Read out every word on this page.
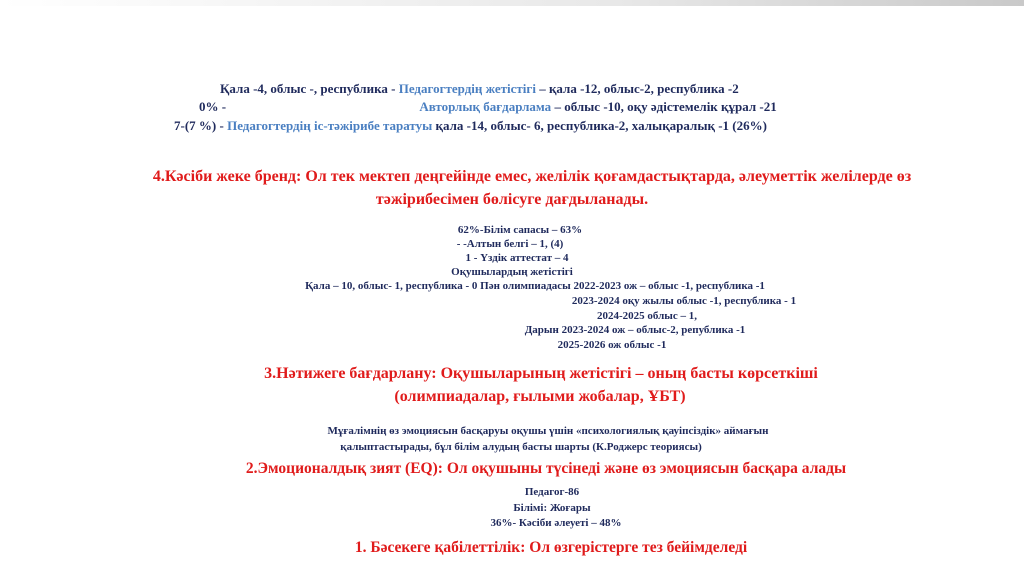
Қала -4, облыс -, республика - Педагогтердің жетістігі – қала -12, облыс-2, республика -2
0% -	Авторлық бағдарлама – облыс -10, оқу әдістемелік құрал -21
7-(7 %) - Педагогтердің іс-тәжірибе таратуы қала -14, облыс- 6, республика-2, халықаралық -1 (26%)
4.Кәсіби жеке бренд: Ол тек мектеп деңгейінде емес, желілік қоғамдастықтарда, әлеуметтік желілерде өз
тәжірибесімен бөлісуге дағдыланады.
62%-Білім сапасы – 63%
- -Алтын белгі – 1, (4)
1 - Үздік аттестат – 4
Оқушылардың жетістігі
Қала – 10, облыс- 1, республика - 0 Пән олимпиадасы 2022-2023 ож – облыс -1, республика -1
2023-2024 оқу жылы облыс -1, республика - 1
2024-2025 облыс – 1,
Дарын 2023-2024 ож – облыс-2, република -1
2025-2026 ож облыс -1
3.Нәтижеге бағдарлану: Оқушыларының жетістігі – оның басты көрсеткіші
(олимпиадалар, ғылыми жобалар, ҰБТ)
Мұғалімнің өз эмоциясын басқаруы оқушы үшін «психологиялық қауіпсіздік» аймағын
қалыптастырады, бұл білім алудың басты шарты (К.Роджерс теориясы)
2.Эмоционалдық зият (EQ): Ол оқушыны түсінеді және өз эмоциясын басқара алады
Педагог-86
Білімі: Жоғары
36%- Кәсіби әлеуеті – 48%
1. Бәсекеге қабілеттілік: Ол өзгерістерге тез бейімделеді
